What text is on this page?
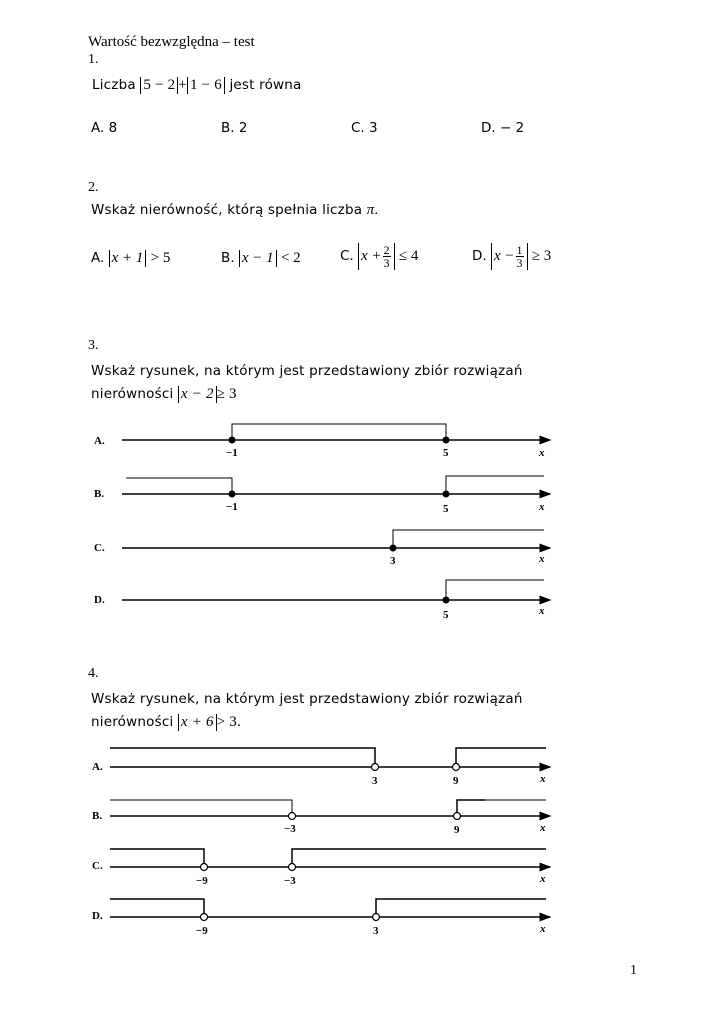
Wartość bezwzględna – test
1.
Liczba 5 − 2 + 1 − 6 jest równa
A. 8	B. 2	C. 3	D. − 2
2.
Wskaż nierówność, którą spełnia liczba π.
A. x + 1 > 5	B. x − 1 < 2	C. $x + \frac{2}{3} \le 4$	D. $x - \frac{1}{3} \ge 3$
3.
Wskaż rysunek, na którym jest przedstawiony zbiór rozwiązań
nierówności x − 2 ≥ 3
4.
Wskaż rysunek, na którym jest przedstawiony zbiór rozwiązań
nierówności x + 6 > 3.
A.
−1	5	x
B.
−1	5	x
C.
3	x
D.
5	x
A.
3	9	x
B.
−3	9	x
C.
−9	−3	x
D.
−9	3	x
1
